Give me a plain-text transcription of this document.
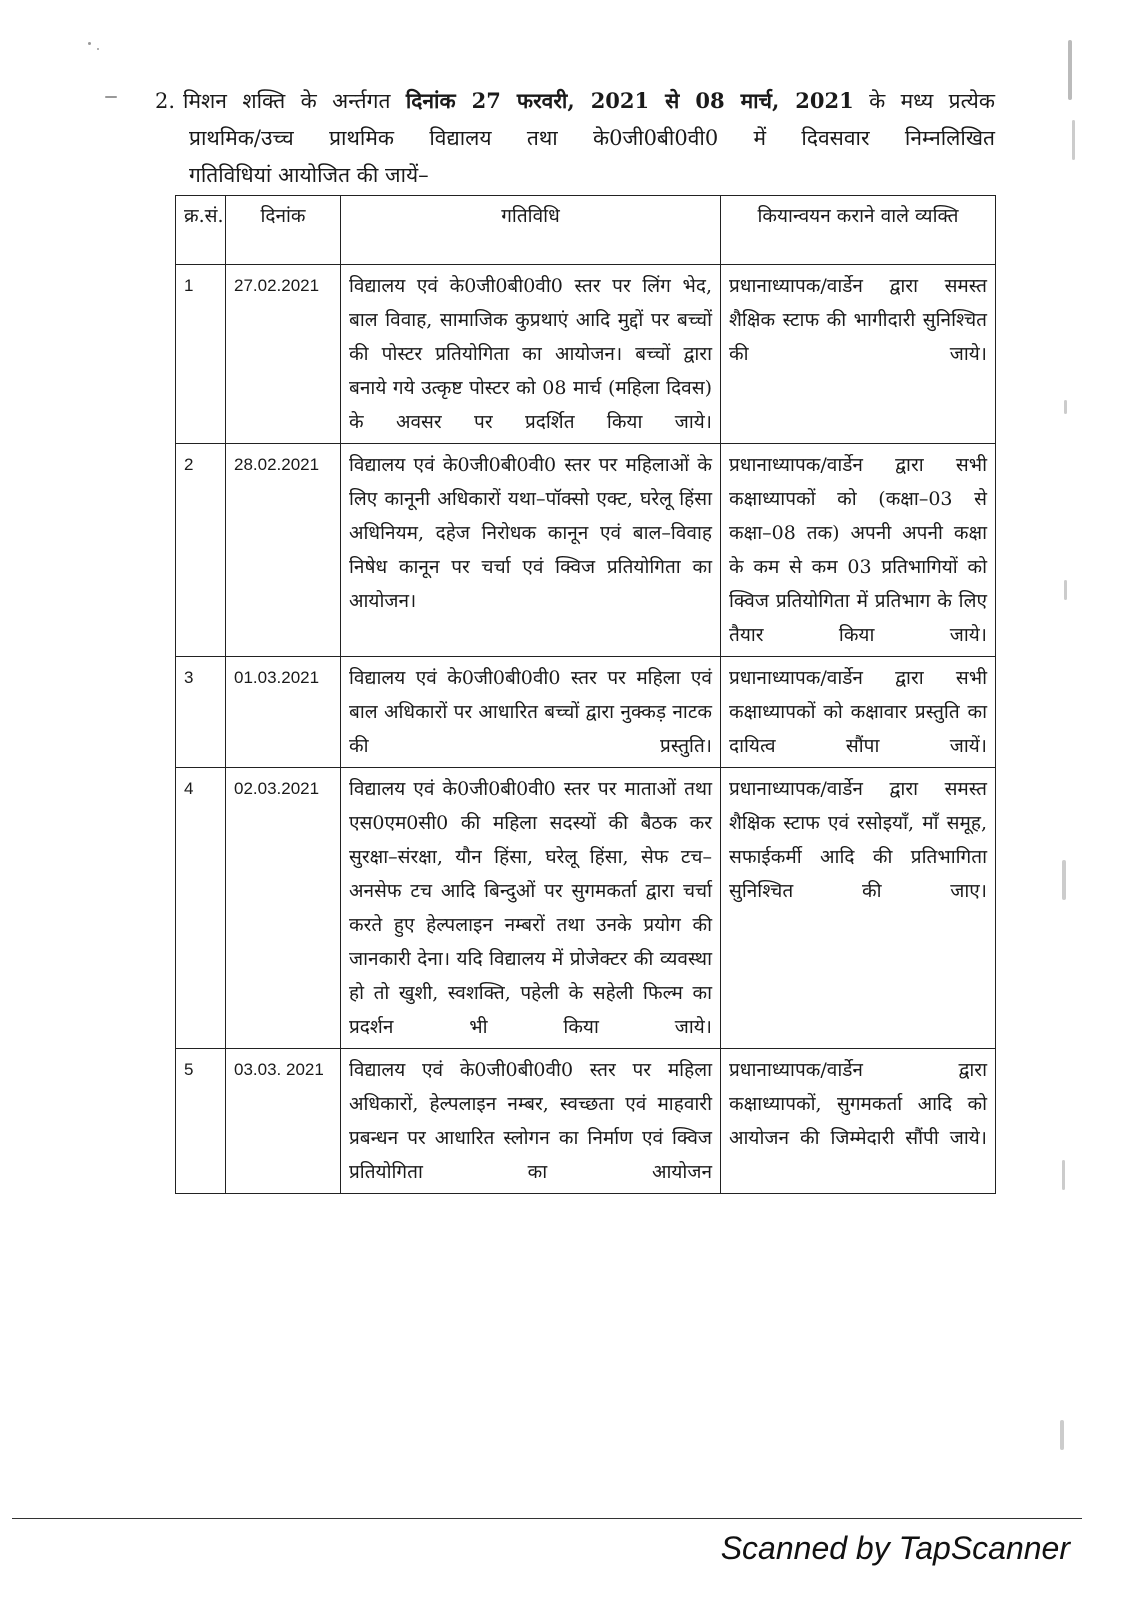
2. मिशन शक्ति के अर्न्तगत दिनांक 27 फरवरी, 2021 से 08 मार्च, 2021 के मध्य प्रत्येक
प्राथमिक/उच्च प्राथमिक विद्यालय तथा के0जी0बी0वी0 में दिवसवार निम्नलिखित
गतिविधियां आयोजित की जायें–
क्र.सं.	दिनांक	गतिविधि	कियान्वयन कराने वाले व्यक्ति
1	27.02.2021	विद्यालय एवं के0जी0बी0वी0 स्तर पर लिंग भेद, बाल विवाह, सामाजिक कुप्रथाएं आदि मुद्दों पर बच्चों की पोस्टर प्रतियोगिता का आयोजन। बच्चों द्वारा बनाये गये उत्कृष्ट पोस्टर को 08 मार्च (महिला दिवस) के अवसर पर प्रदर्शित किया जाये।	प्रधानाध्यापक/वार्डेन द्वारा समस्त शैक्षिक स्टाफ की भागीदारी सुनिश्चित की जाये।
2	28.02.2021	विद्यालय एवं के0जी0बी0वी0 स्तर पर महिलाओं के लिए कानूनी अधिकारों यथा–पॉक्सो एक्ट, घरेलू हिंसा अधिनियम, दहेज निरोधक कानून एवं बाल–विवाह निषेध कानून पर चर्चा एवं क्विज प्रतियोगिता का आयोजन।	प्रधानाध्यापक/वार्डेन द्वारा सभी कक्षाध्यापकों को (कक्षा–03 से कक्षा–08 तक) अपनी अपनी कक्षा के कम से कम 03 प्रतिभागियों को क्विज प्रतियोगिता में प्रतिभाग के लिए तैयार किया जाये।
3	01.03.2021	विद्यालय एवं के0जी0बी0वी0 स्तर पर महिला एवं बाल अधिकारों पर आधारित बच्चों द्वारा नुक्कड़ नाटक की प्रस्तुति।	प्रधानाध्यापक/वार्डेन द्वारा सभी कक्षाध्यापकों को कक्षावार प्रस्तुति का दायित्व सौंपा जायें।
4	02.03.2021	विद्यालय एवं के0जी0बी0वी0 स्तर पर माताओं तथा एस0एम0सी0 की महिला सदस्यों की बैठक कर सुरक्षा–संरक्षा, यौन हिंसा, घरेलू हिंसा, सेफ टच–अनसेफ टच आदि बिन्दुओं पर सुगमकर्ता द्वारा चर्चा करते हुए हेल्पलाइन नम्बरों तथा उनके प्रयोग की जानकारी देना। यदि विद्यालय में प्रोजेक्टर की व्यवस्था हो तो खुशी, स्वशक्ति, पहेली के सहेली फिल्म का प्रदर्शन भी किया जाये।	प्रधानाध्यापक/वार्डेन द्वारा समस्त शैक्षिक स्टाफ एवं रसोइयाँ, माँ समूह, सफाईकर्मी आदि की प्रतिभागिता सुनिश्चित की जाए।
5	03.03. 2021	विद्यालय एवं के0जी0बी0वी0 स्तर पर महिला अधिकारों, हेल्पलाइन नम्बर, स्वच्छता एवं माहवारी प्रबन्धन पर आधारित स्लोगन का निर्माण एवं क्विज प्रतियोगिता का आयोजन	प्रधानाध्यापक/वार्डेन द्वारा कक्षाध्यापकों, सुगमकर्ता आदि को आयोजन की जिम्मेदारी सौंपी जाये।
Scanned by TapScanner
